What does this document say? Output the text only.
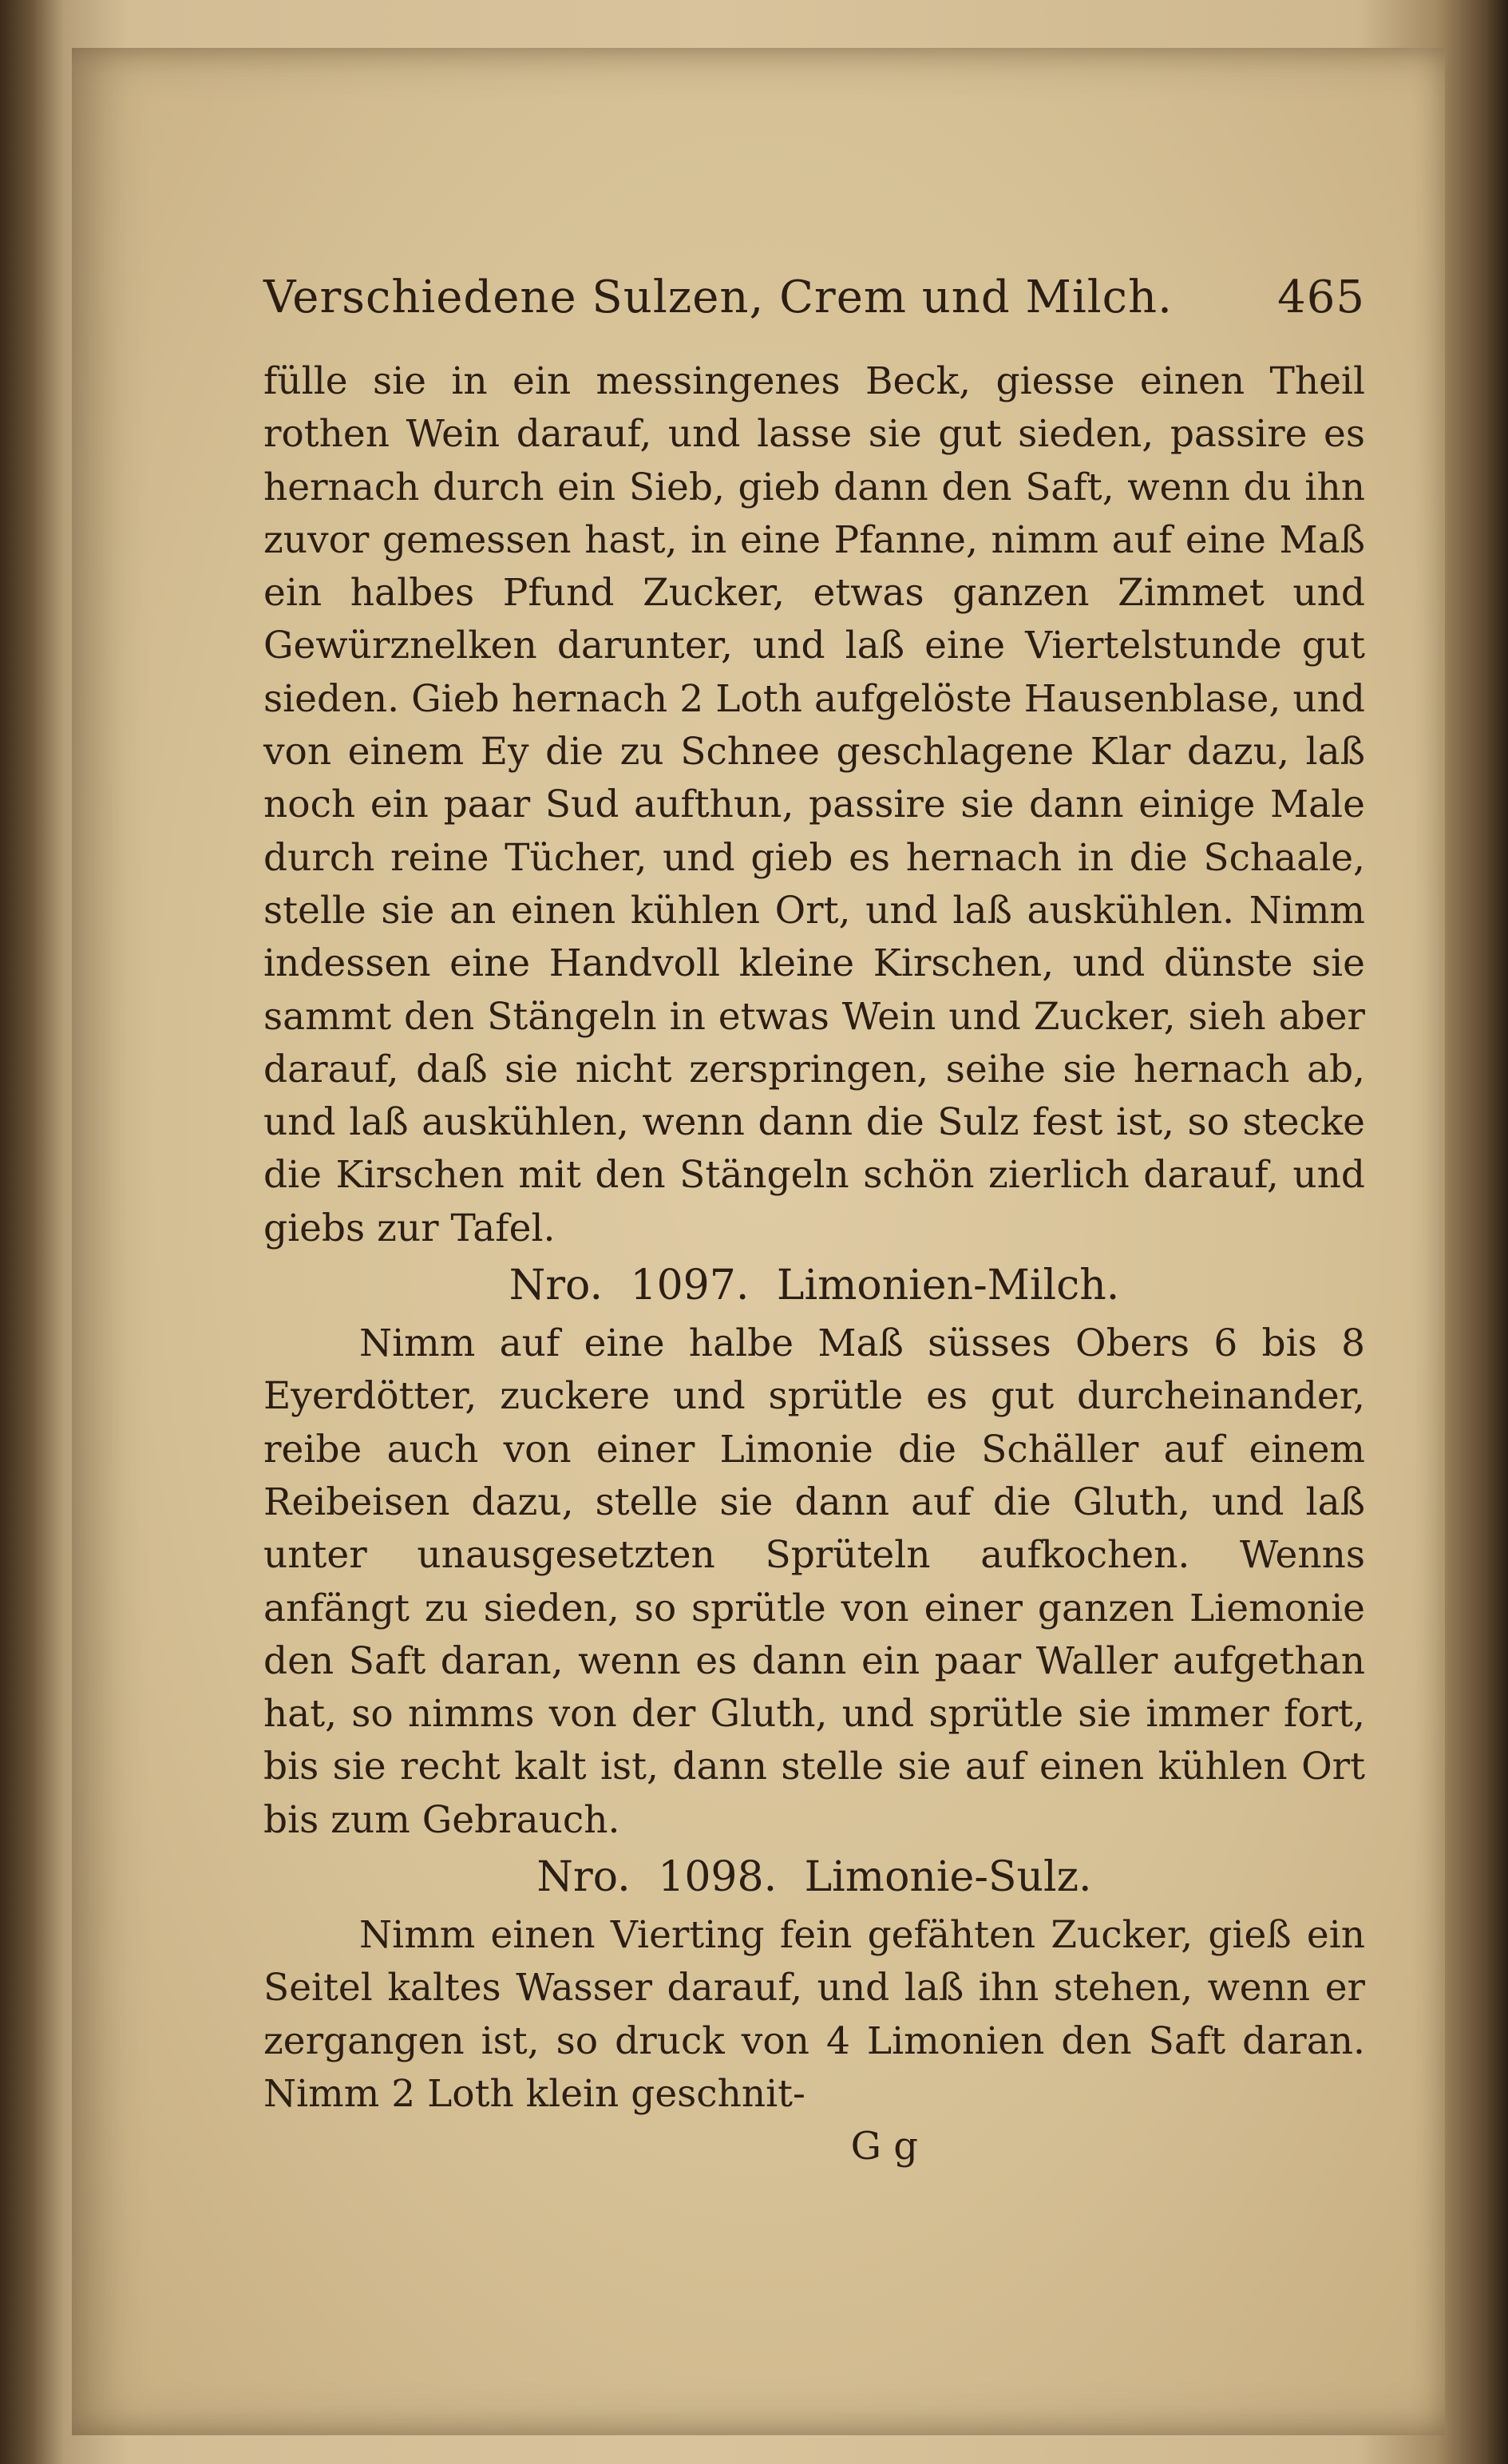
Verschiedene Sulzen, Crem und Milch. 465

fülle sie in ein messingenes Beck, giesse einen Theil rothen Wein darauf, und lasse sie gut sieden, passire es hernach durch ein Sieb, gieb dann den Saft, wenn du ihn zuvor gemessen hast, in eine Pfanne, nimm auf eine Maß ein halbes Pfund Zucker, etwas ganzen Zimmet und Gewürznelken darunter, und laß eine Viertelstunde gut sieden. Gieb hernach 2 Loth aufgelöste Hausenblase, und von einem Ey die zu Schnee geschlagene Klar dazu, laß noch ein paar Sud aufthun, passire sie dann einige Male durch reine Tücher, und gieb es hernach in die Schaale, stelle sie an einen kühlen Ort, und laß auskühlen. Nimm indessen eine Handvoll kleine Kirschen, und dünste sie sammt den Stängeln in etwas Wein und Zucker, sieh aber darauf, daß sie nicht zerspringen, seihe sie hernach ab, und laß auskühlen, wenn dann die Sulz fest ist, so stecke die Kirschen mit den Stängeln schön zierlich darauf, und giebs zur Tafel.

Nro. 1097. Limonien-Milch.

Nimm auf eine halbe Maß süsses Obers 6 bis 8 Eyerdötter, zuckere und sprütle es gut durcheinander, reibe auch von einer Limonie die Schäller auf einem Reibeisen dazu, stelle sie dann auf die Gluth, und laß unter unausgesetzten Sprüteln aufkochen. Wenns anfängt zu sieden, so sprütle von einer ganzen Liemonie den Saft daran, wenn es dann ein paar Waller aufgethan hat, so nimms von der Gluth, und sprütle sie immer fort, bis sie recht kalt ist, dann stelle sie auf einen kühlen Ort bis zum Gebrauch.

Nro. 1098. Limonie-Sulz.

Nimm einen Vierting fein gefähten Zucker, gieß ein Seitel kaltes Wasser darauf, und laß ihn stehen, wenn er zergangen ist, so druck von 4 Limonien den Saft daran. Nimm 2 Loth klein geschnit-

G g
